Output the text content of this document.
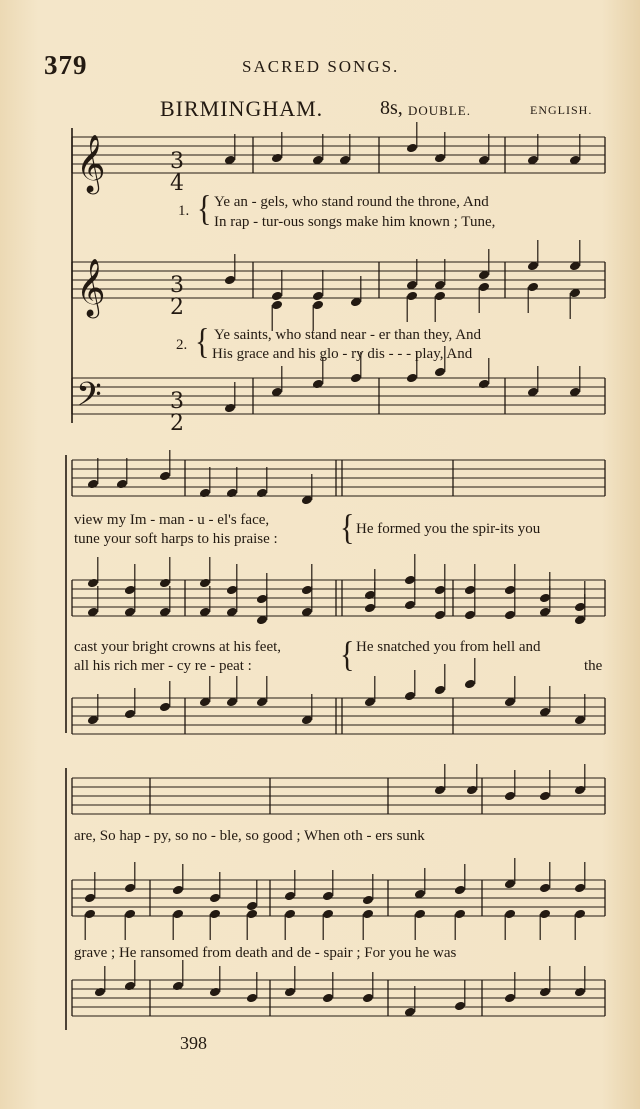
379	SACRED SONGS.
BIRMINGHAM.	8s, DOUBLE.	ENGLISH.
𝄞
𝄞
𝄢
3
4
3
2
3
2
1. { Ye an - gels, who stand round the throne, And
In rap - tur-ous songs make him known ; Tune,
2. { Ye saints, who stand near - er than they, And
His grace and his glo - ry dis - - - play, And
view my Im - man - u - el's face,
tune your soft harps to his praise : { He formed you the spir-its you
cast your bright crowns at his feet,
all his rich mer - cy re - peat :	{ He snatched you from hell and
the
are, So hap - py, so no - ble, so good ; When oth - ers sunk
grave ; He ransomed from death and de - spair ; For you he was
398
